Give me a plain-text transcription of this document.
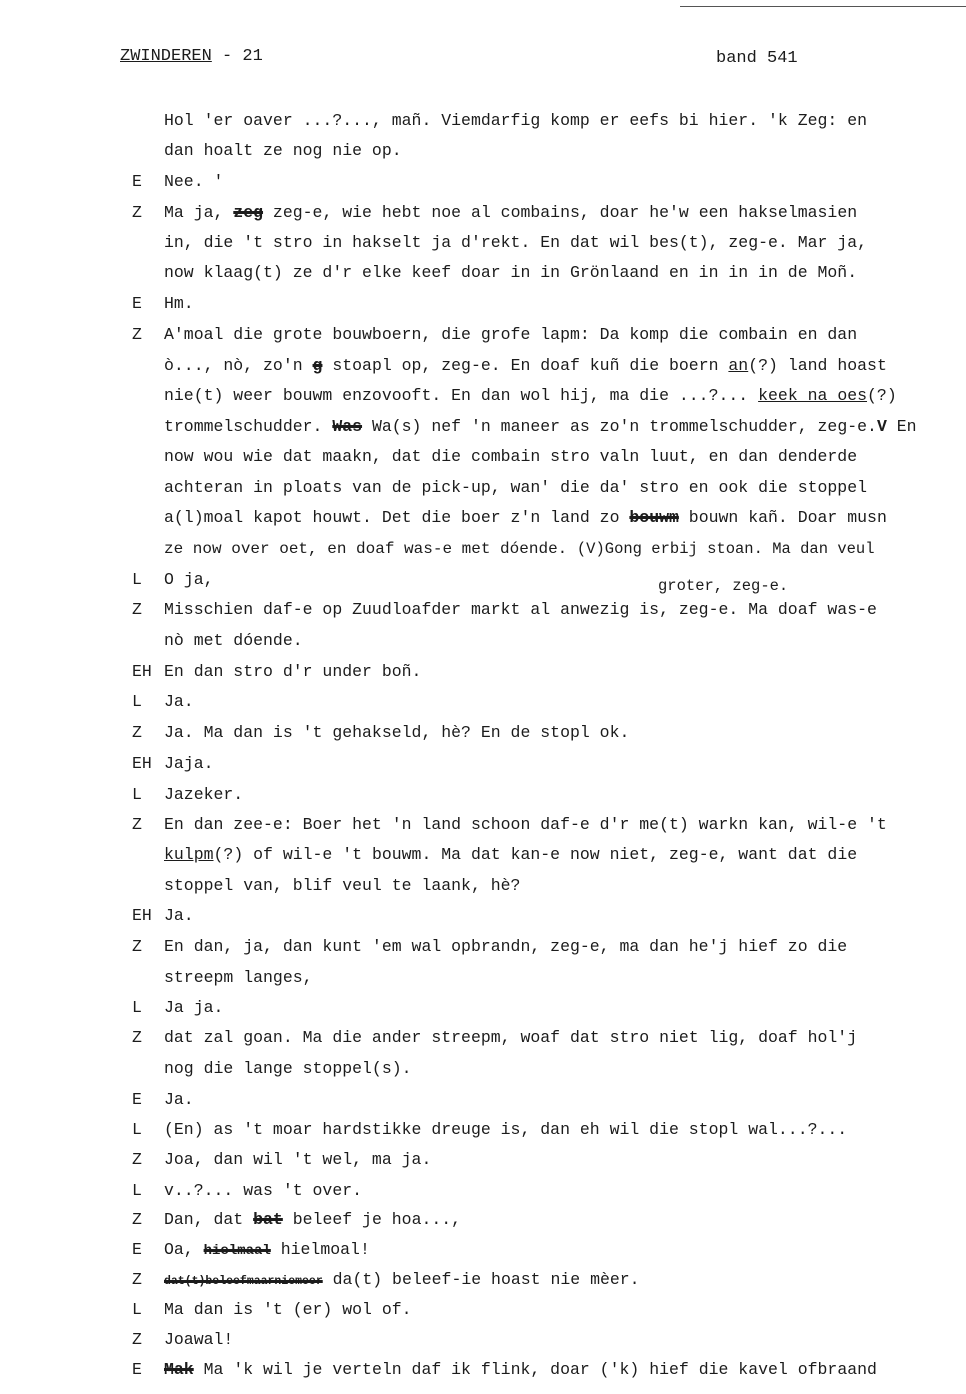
ZWINDEREN - 21	band 541
Hol 'er oaver ...?..., mañ. Viemdarfig komp er eefs bi hier. 'k Zeg: en
dan hoalt ze nog nie op.
E Nee. '
Z Ma ja, zeg zeg-e, wie hebt noe al combains, doar he'w een hakselmasien
in, die 't stro in hakselt ja d'rekt. En dat wil bes(t), zeg-e. Mar ja,
now klaag(t) ze d'r elke keef doar in in Grönlaand en in in in de Moñ.
E Hm.
Z A'moal die grote bouwboern, die grofe lapm: Da komp die combain en dan
ò..., nò, zo'n g stoapl op, zeg-e. En doaf kuñ die boern an(?) land hoast
nie(t) weer bouwm enzovooft. En dan wol hij, ma die ...?... keek na oes(?)
trommelschudder. Was Wa(s) nef 'n maneer as zo'n trommelschudder, zeg-e.V En
now wou wie dat maakn, dat die combain stro valn luut, en dan denderde
achteran in ploats van de pick-up, wan' die da' stro en ook die stoppel
a(l)moal kapot houwt. Det die boer z'n land zo bouwm bouwn kañ. Doar musn
ze now over oet, en doaf was-e met dóende. (V)Gong erbij stoan. Ma dan veul
L O ja,	groter, zeg-e.
Z Misschien daf-e op Zuudloafder markt al anwezig is, zeg-e. Ma doaf was-e
nò met dóende.
EH En dan stro d'r under boñ.
L Ja.
Z Ja. Ma dan is 't gehakseld, hè? En de stopl ok.
EH Jaja.
L Jazeker.
Z En dan zee-e: Boer het 'n land schoon daf-e d'r me(t) warkn kan, wil-e 't
kulpm(?) of wil-e 't bouwm. Ma dat kan-e now niet, zeg-e, want dat die
stoppel van, blif veul te laank, hè?
EH Ja.
Z En dan, ja, dan kunt 'em wal opbrandn, zeg-e, ma dan he'j hief zo die
streepm langes,
L Ja ja.
Z dat zal goan. Ma die ander streepm, woaf dat stro niet lig, doaf hol'j
nog die lange stoppel(s).
E Ja.
L (En) as 't moar hardstikke dreuge is, dan eh wil die stopl wal...?...
Z Joa, dan wil 't wel, ma ja.
L v..?... was 't over.
Z Dan, dat bat beleef je hoa...,
E Oa, hielmaal hielmoal!
Z dat(t)beleefmaarniemeer da(t) beleef-ie hoast nie mèer.
L Ma dan is 't (er) wol of.
Z Joawal!
E Mak Ma 'k wil je verteln daf ik flink, doar ('k) hief die kavel ofbraand
